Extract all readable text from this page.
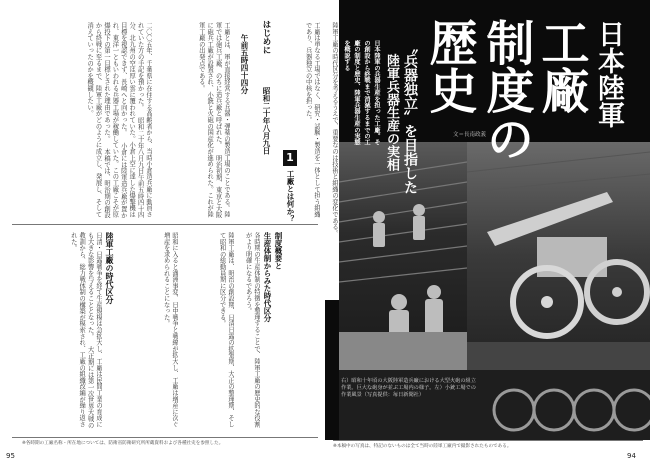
二〇〇五年、千葉県に在住する高齢者から、当時小倉造兵廠に動員されていた方の手記を預かった。 昭和二十年八月九日午前五時四十四分、北九州の空は厚い雲に覆われていた。小倉上空に達した爆撃機は目標を視認できず、長崎へと向かった。 小倉には陸軍造兵廠が置かれ、東洋一ともいわれる兵器工場が稼働していた。この工廠こそが原爆投下の第一目標とされた理由であった。 本稿では、明治期の創設から終戦に至るまで、陸軍工廠がどのように成立し、発展し、そして消えていったのかを概観したい。	はじめに 昭和二十年八月九日 午前五時四十四分
工廠とは、軍が直接経営する兵器・弾薬の製造工場のことである。陸軍では砲兵工廠、のちに造兵廠と呼ばれた。 明治初期、東京と大阪に砲兵工廠が設置され、小銃と火砲の国産化が進められた。これが陸軍工廠の出発点である。	工廠は単なる工場ではなく、研究・試験・製造を一体として担う組織であり、兵器独立の中核を担った。
日清・日露戦争を経て生産規模は急拡大し、工廠は民間工業の育成にも大きな影響を与えることとなった。 大正期には第一次世界大戦の教訓から、総力戦体制の構築が模索され、工廠の組織改編が繰り返された。	陸軍工廠の時代区分	昭和に入ると満洲事変、日中戦争と戦線が拡大し、工廠は増産に次ぐ増産を求められることになった。	陸軍工廠は、明治の創設期、日清日露の拡張期、大正の整理期、そして昭和の総動員期に区分できる。
1
工廠とは何か？
制度概要と
生産体制からみた時代区分
各時期の生産体制の特徴を整理することで、陸軍工廠の歴史的な役割がより明確になるであろう。
※各時期の工廠名称・所在地については、防衛省防衛研究所所蔵資料および各種社史を参照した。
95
陸軍工廠の時代区分を考えるうえで、重要なのは技術と組織の変化である。
右）昭和十年頃の大阪陸軍造兵廠における大型火砲の組立作業。巨大な砲身が並ぶ工場内の様子。左）小銃工場での作業風景（写真提供：毎日新聞社）
日本陸軍
工廠
制度の
歴史
〝兵器独立〟を目指した
陸軍兵器生産の実相
日本陸軍の兵器生産を担った工廠。その創設から終戦まで消滅するまでの工廠の制度と歴史、陸軍兵器生産の実態を概説する
文＝長南政義
※本稿中の写真は、特記のないものは全て当時の陸軍工廠内で撮影されたものである。
94
